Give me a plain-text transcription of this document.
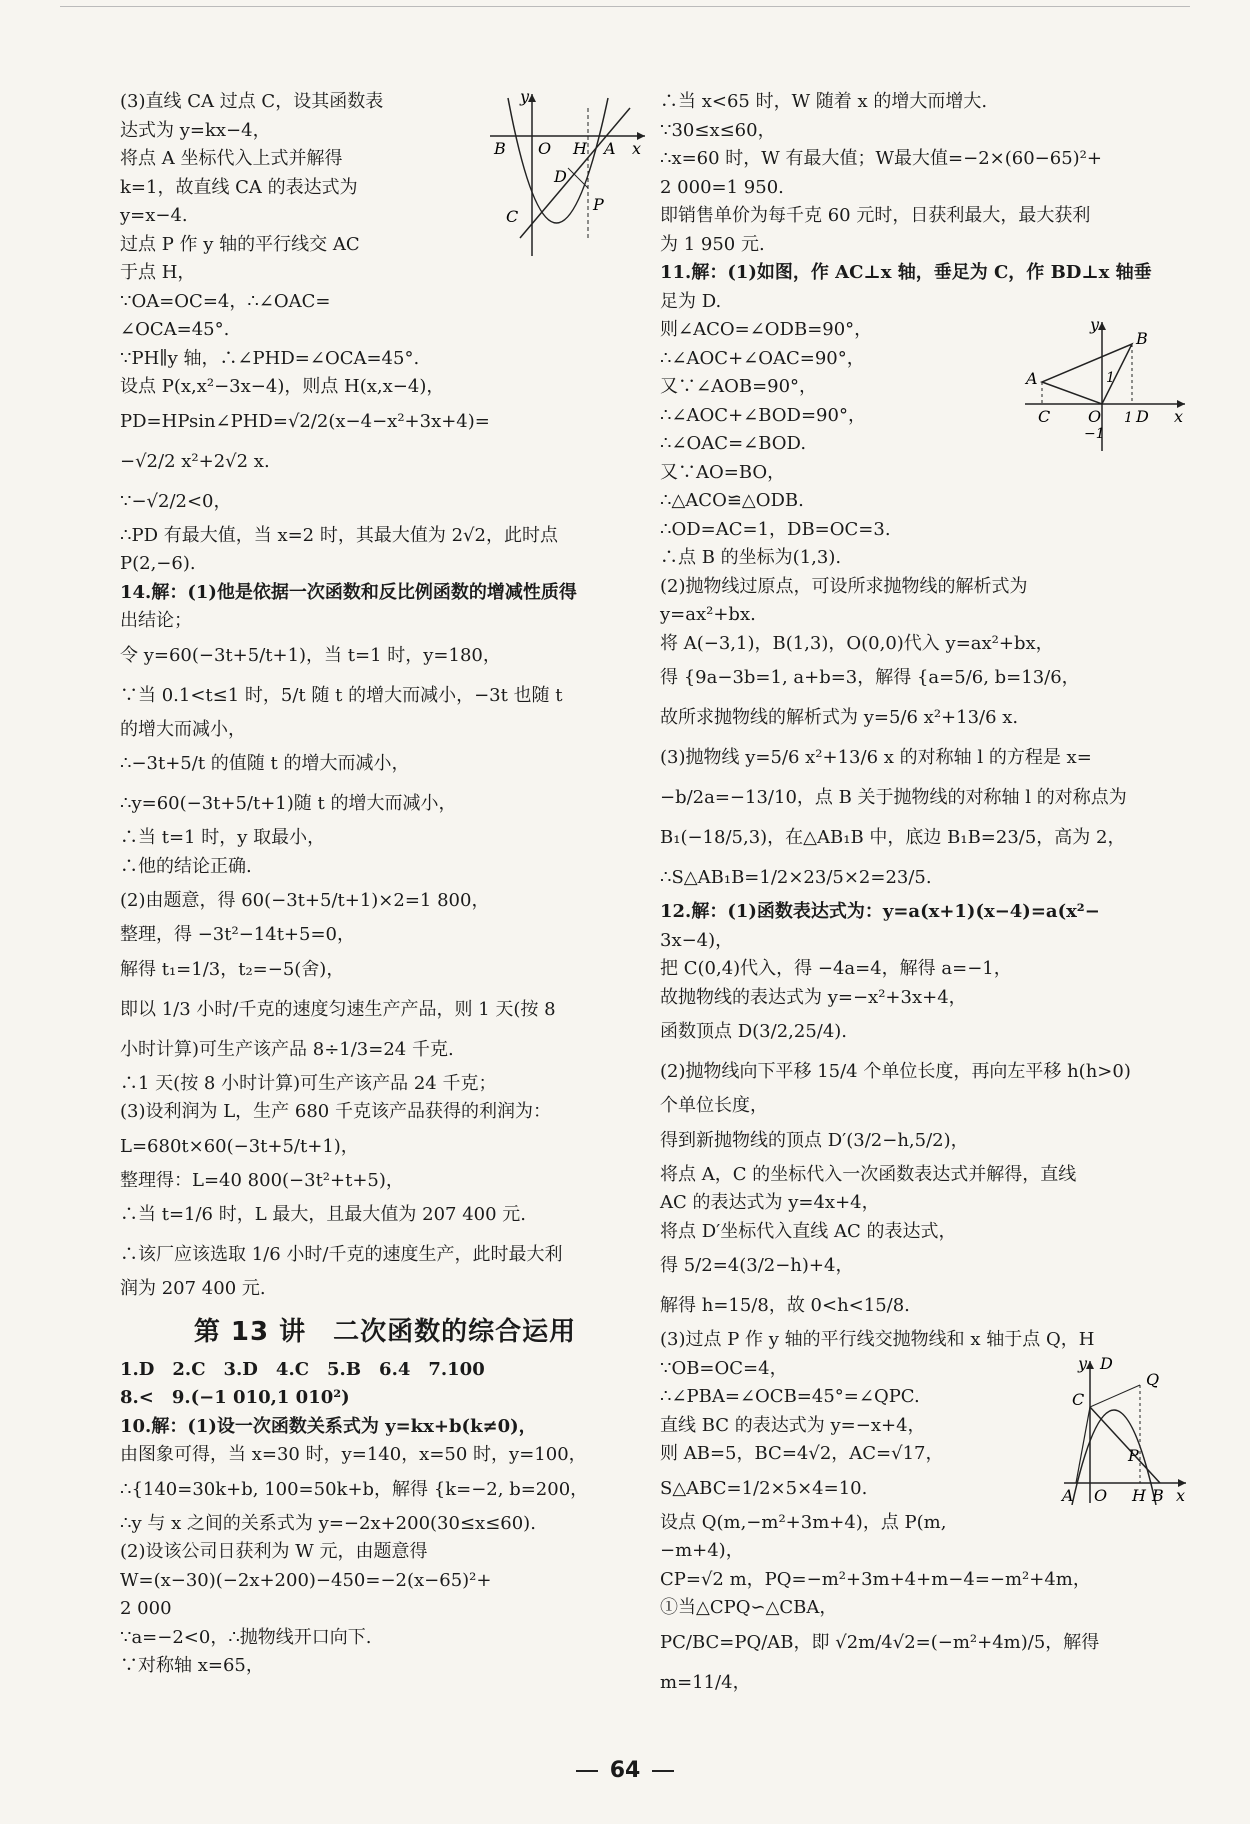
y
B O H A x
D
C
P

(3)直线 CA 过点 C，设其函数表

达式为 y=kx−4，

将点 A 坐标代入上式并解得

k=1，故直线 CA 的表达式为

y=x−4.

过点 P 作 y 轴的平行线交 AC

于点 H，

∵OA=OC=4，∴∠OAC=

∠OCA=45°.

∵PH∥y 轴，∴∠PHD=∠OCA=45°.

设点 P(x,x²−3x−4)，则点 H(x,x−4)，

PD=HPsin∠PHD=√2/2(x−4−x²+3x+4)=

−√2/2 x²+2√2 x.

∵−√2/2<0，

∴PD 有最大值，当 x=2 时，其最大值为 2√2，此时点

P(2,−6).

14.解：(1)他是依据一次函数和反比例函数的增减性质得

出结论；

令 y=60(−3t+5/t+1)，当 t=1 时，y=180，

∵当 0.1<t≤1 时，5/t 随 t 的增大而减小，−3t 也随 t

的增大而减小，

∴−3t+5/t 的值随 t 的增大而减小，

∴y=60(−3t+5/t+1)随 t 的增大而减小，

∴当 t=1 时，y 取最小，

∴他的结论正确.

(2)由题意，得 60(−3t+5/t+1)×2=1 800，

整理，得 −3t²−14t+5=0，

解得 t₁=1/3，t₂=−5(舍)，

即以 1/3 小时/千克的速度匀速生产产品，则 1 天(按 8

小时计算)可生产该产品 8÷1/3=24 千克.

∴1 天(按 8 小时计算)可生产该产品 24 千克；

(3)设利润为 L，生产 680 千克该产品获得的利润为：

L=680t×60(−3t+5/t+1)，

整理得：L=40 800(−3t²+t+5)，

∴当 t=1/6 时，L 最大，且最大值为 207 400 元.

∴该厂应该选取 1/6 小时/千克的速度生产，此时最大利

润为 207 400 元.

第 13 讲　二次函数的综合运用

1.D　2.C　3.D　4.C　5.B　6.4　7.100

8.<　9.(−1 010,1 010²)

10.解：(1)设一次函数关系式为 y=kx+b(k≠0)，

由图象可得，当 x=30 时，y=140，x=50 时，y=100，

∴{140=30k+b, 100=50k+b，解得 {k=−2, b=200，

∴y 与 x 之间的关系式为 y=−2x+200(30≤x≤60).

(2)设该公司日获利为 W 元，由题意得

W=(x−30)(−2x+200)−450=−2(x−65)²+

2 000

∵a=−2<0，∴抛物线开口向下.

∵对称轴 x=65，

∴当 x<65 时，W 随着 x 的增大而增大.

∵30≤x≤60，

∴x=60 时，W 有最大值；W最大值=−2×(60−65)²+

2 000=1 950.

即销售单价为每千克 60 元时，日获利最大，最大获利

为 1 950 元.

11.解：(1)如图，作 AC⊥x 轴，垂足为 C，作 BD⊥x 轴垂

足为 D.

y
B
A	1
C O 1 D x
−1

则∠ACO=∠ODB=90°，

∴∠AOC+∠OAC=90°，

又∵∠AOB=90°，

∴∠AOC+∠BOD=90°，

∴∠OAC=∠BOD.

又∵AO=BO，

∴△ACO≌△ODB.

∴OD=AC=1，DB=OC=3.

∴点 B 的坐标为(1,3).

(2)抛物线过原点，可设所求抛物线的解析式为

y=ax²+bx.

将 A(−3,1)，B(1,3)，O(0,0)代入 y=ax²+bx，

得 {9a−3b=1, a+b=3，解得 {a=5/6, b=13/6，

故所求抛物线的解析式为 y=5/6 x²+13/6 x.

(3)抛物线 y=5/6 x²+13/6 x 的对称轴 l 的方程是 x=

−b/2a=−13/10，点 B 关于抛物线的对称轴 l 的对称点为

B₁(−18/5,3)，在△AB₁B 中，底边 B₁B=23/5，高为 2，

∴S△AB₁B=1/2×23/5×2=23/5.

12.解：(1)函数表达式为：y=a(x+1)(x−4)=a(x²−

3x−4)，

把 C(0,4)代入，得 −4a=4，解得 a=−1，

故抛物线的表达式为 y=−x²+3x+4，

函数顶点 D(3/2,25/4).

(2)抛物线向下平移 15/4 个单位长度，再向左平移 h(h>0)

个单位长度，

得到新抛物线的顶点 D′(3/2−h,5/2)，

将点 A，C 的坐标代入一次函数表达式并解得，直线

AC 的表达式为 y=4x+4，

将点 D′坐标代入直线 AC 的表达式，

得 5/2=4(3/2−h)+4，

解得 h=15/8，故 0<h<15/8.

(3)过点 P 作 y 轴的平行线交抛物线和 x 轴于点 Q，H

y D
C
Q
P
A O H B x

∵OB=OC=4，

∴∠PBA=∠OCB=45°=∠QPC.

直线 BC 的表达式为 y=−x+4，

则 AB=5，BC=4√2，AC=√17，

S△ABC=1/2×5×4=10.

设点 Q(m,−m²+3m+4)，点 P(m,

−m+4)，

CP=√2 m，PQ=−m²+3m+4+m−4=−m²+4m，

①当△CPQ∽△CBA，

PC/BC=PQ/AB，即 √2m/4√2=(−m²+4m)/5，解得 m=11/4，

64
